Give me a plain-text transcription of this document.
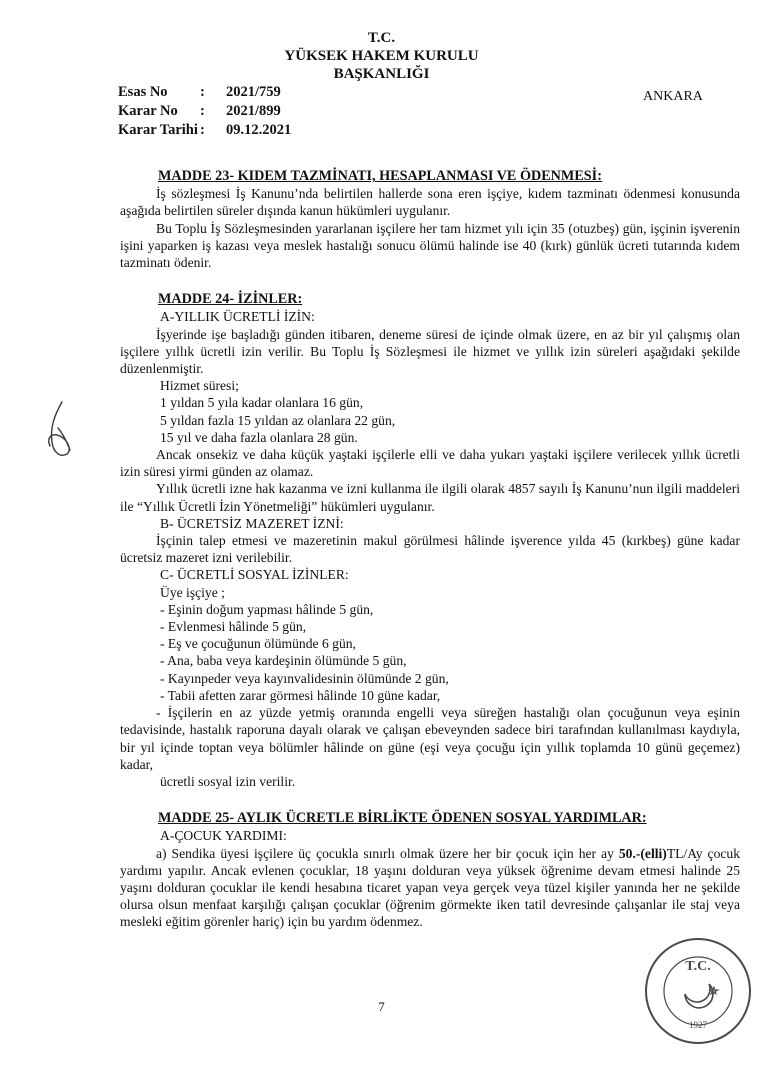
T.C.
YÜKSEK HAKEM KURULU
BAŞKANLIĞI
Esas No	:	2021/759
Karar No	:	2021/899
Karar Tarihi :	09.12.2021
ANKARA

MADDE 23- KIDEM TAZMİNATI, HESAPLANMASI VE ÖDENMESİ:

İş sözleşmesi İş Kanunu’nda belirtilen hallerde sona eren işçiye, kıdem tazminatı ödenmesi konusunda aşağıda belirtilen süreler dışında kanun hükümleri uygulanır.

Bu Toplu İş Sözleşmesinden yararlanan işçilere her tam hizmet yılı için 35 (otuzbeş) gün, işçinin işverenin işini yaparken iş kazası veya meslek hastalığı sonucu ölümü halinde ise 40 (kırk) günlük ücreti tutarında kıdem tazminatı ödenir.

MADDE 24- İZİNLER:

A-YILLIK ÜCRETLİ İZİN:

İşyerinde işe başladığı günden itibaren, deneme süresi de içinde olmak üzere, en az bir yıl çalışmış olan işçilere yıllık ücretli izin verilir. Bu Toplu İş Sözleşmesi ile hizmet ve yıllık izin süreleri aşağıdaki şekilde düzenlenmiştir.

Hizmet süresi;

1 yıldan 5 yıla kadar olanlara 16 gün,

5 yıldan fazla 15 yıldan az olanlara 22 gün,

15 yıl ve daha fazla olanlara 28 gün.

Ancak onsekiz ve daha küçük yaştaki işçilerle elli ve daha yukarı yaştaki işçilere verilecek yıllık ücretli izin süresi yirmi günden az olamaz.

Yıllık ücretli izne hak kazanma ve izni kullanma ile ilgili olarak 4857 sayılı İş Kanunu’nun ilgili maddeleri ile “Yıllık Ücretli İzin Yönetmeliği” hükümleri uygulanır.

B- ÜCRETSİZ MAZERET İZNİ:

İşçinin talep etmesi ve mazeretinin makul görülmesi hâlinde işverence yılda 45 (kırkbeş) güne kadar ücretsiz mazeret izni verilebilir.

C- ÜCRETLİ SOSYAL İZİNLER:

Üye işçiye ;

- Eşinin doğum yapması hâlinde 5 gün,

- Evlenmesi hâlinde 5 gün,

- Eş ve çocuğunun ölümünde 6 gün,

- Ana, baba veya kardeşinin ölümünde 5 gün,

- Kayınpeder veya kayınvalidesinin ölümünde 2 gün,

- Tabii afetten zarar görmesi hâlinde 10 güne kadar,

- İşçilerin en az yüzde yetmiş oranında engelli veya süreğen hastalığı olan çocuğunun veya eşinin tedavisinde, hastalık raporuna dayalı olarak ve çalışan ebeveynden sadece biri tarafından kullanılması kaydıyla, bir yıl içinde toptan veya bölümler hâlinde on güne (eşi veya çocuğu için yıllık toplamda 10 günü geçemez) kadar,

ücretli sosyal izin verilir.

MADDE 25- AYLIK ÜCRETLE BİRLİKTE ÖDENEN SOSYAL YARDIMLAR:

A-ÇOCUK YARDIMI:

a) Sendika üyesi işçilere üç çocukla sınırlı olmak üzere her bir çocuk için her ay 50.-(elli)TL/Ay çocuk yardımı yapılır. Ancak evlenen çocuklar, 18 yaşını dolduran veya yüksek öğrenime devam etmesi halinde 25 yaşını dolduran çocuklar ile kendi hesabına ticaret yapan veya gerçek veya tüzel kişiler yanında her ne şekilde olursa olsun menfaat karşılığı çalışan çocuklar (öğrenim görmekte iken tatil devresinde çalışanlar ile staj veya mesleki eğitim görenler hariç) için bu yardım ödenmez.

T.C.
1927
7
